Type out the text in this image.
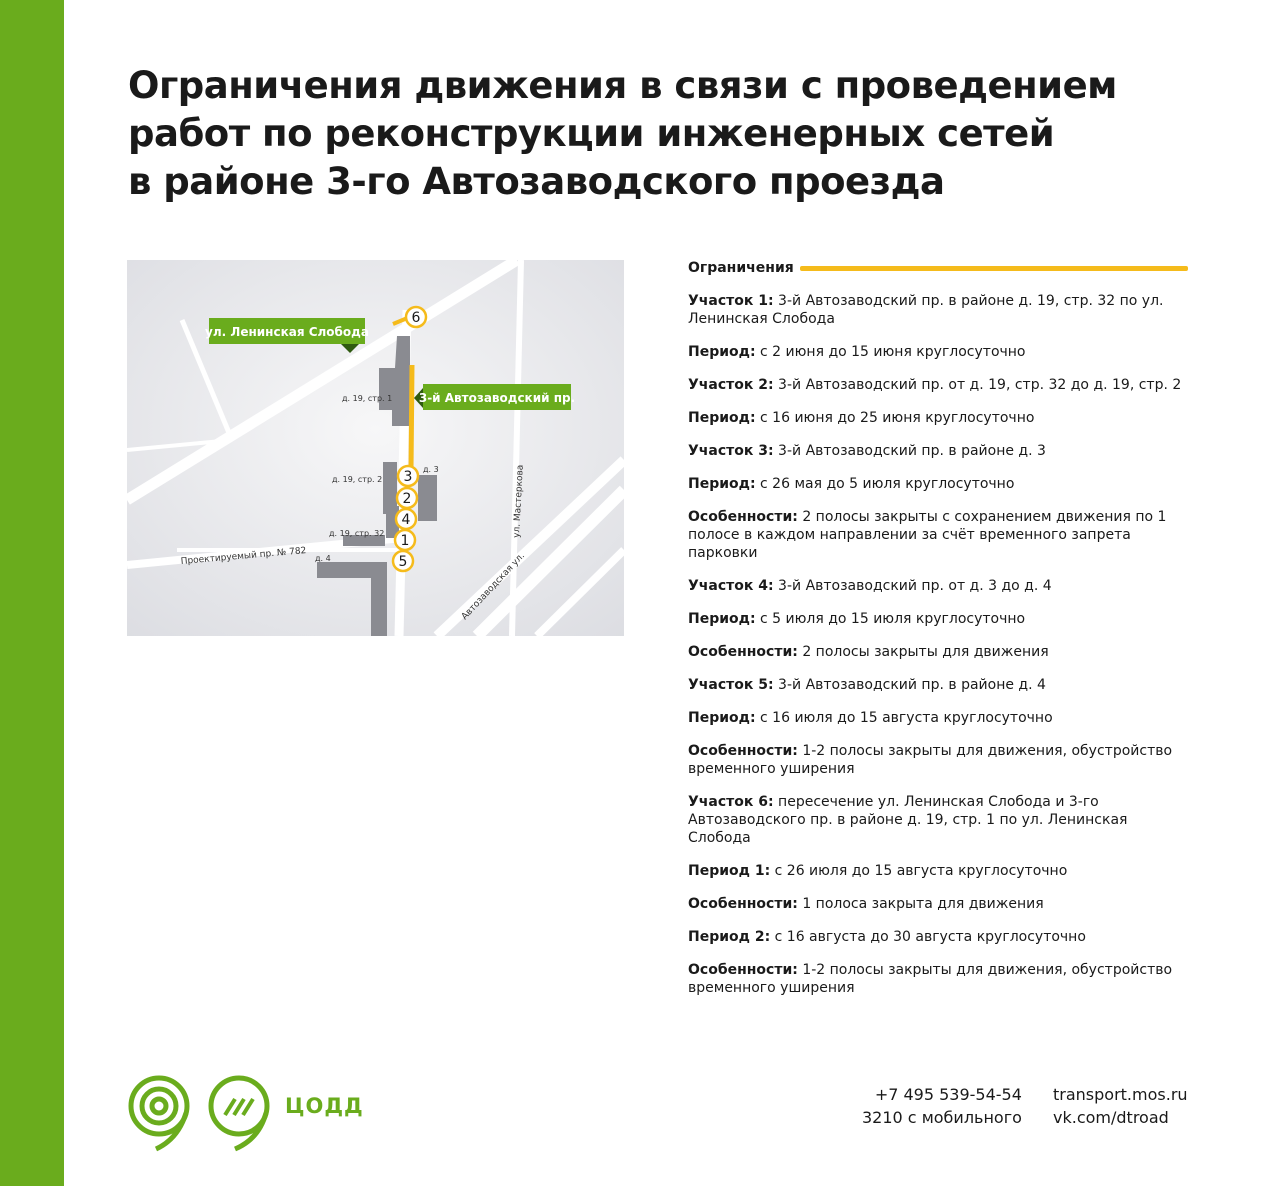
Ограничения движения в связи с проведением
работ по реконструкции инженерных сетей
в районе 3-го Автозаводского проезда
6
3
2
4
1
5
ул. Ленинская Слобода
3-й Автозаводский пр.
д. 19, стр. 1
д. 19, стр. 2
д. 3
д. 19, стр. 32
д. 4
Проектируемый пр. № 782
ул. Мастеркова
Автозаводская ул.
Ограничения

Участок 1: 3-й Автозаводский пр. в районе д. 19, стр. 32 по ул. Ленинская Слобода

Период: с 2 июня до 15 июня круглосуточно

Участок 2: 3-й Автозаводский пр. от д. 19, стр. 32 до д. 19, стр. 2

Период: с 16 июня до 25 июня круглосуточно

Участок 3: 3-й Автозаводский пр. в районе д. 3

Период: с 26 мая до 5 июля круглосуточно

Особенности: 2 полосы закрыты с сохранением движения по 1 полосе в каждом направлении за счёт временного запрета парковки

Участок 4: 3-й Автозаводский пр. от д. 3 до д. 4

Период: с 5 июля до 15 июля круглосуточно

Особенности: 2 полосы закрыты для движения

Участок 5: 3-й Автозаводский пр. в районе д. 4

Период: с 16 июля до 15 августа круглосуточно

Особенности: 1-2 полосы закрыты для движения, обустройство временного уширения

Участок 6: пересечение ул. Ленинская Слобода и 3-го Автозаводского пр. в районе д. 19, стр. 1 по ул. Ленинская Слобода

Период 1: с 26 июля до 15 августа круглосуточно

Особенности: 1 полоса закрыта для движения

Период 2: с 16 августа до 30 августа круглосуточно

Особенности: 1-2 полосы закрыты для движения, обустройство временного уширения

ЦОДД	+7 495 539-54-54
3210 с мобильного
transport.mos.ru
vk.com/dtroad
